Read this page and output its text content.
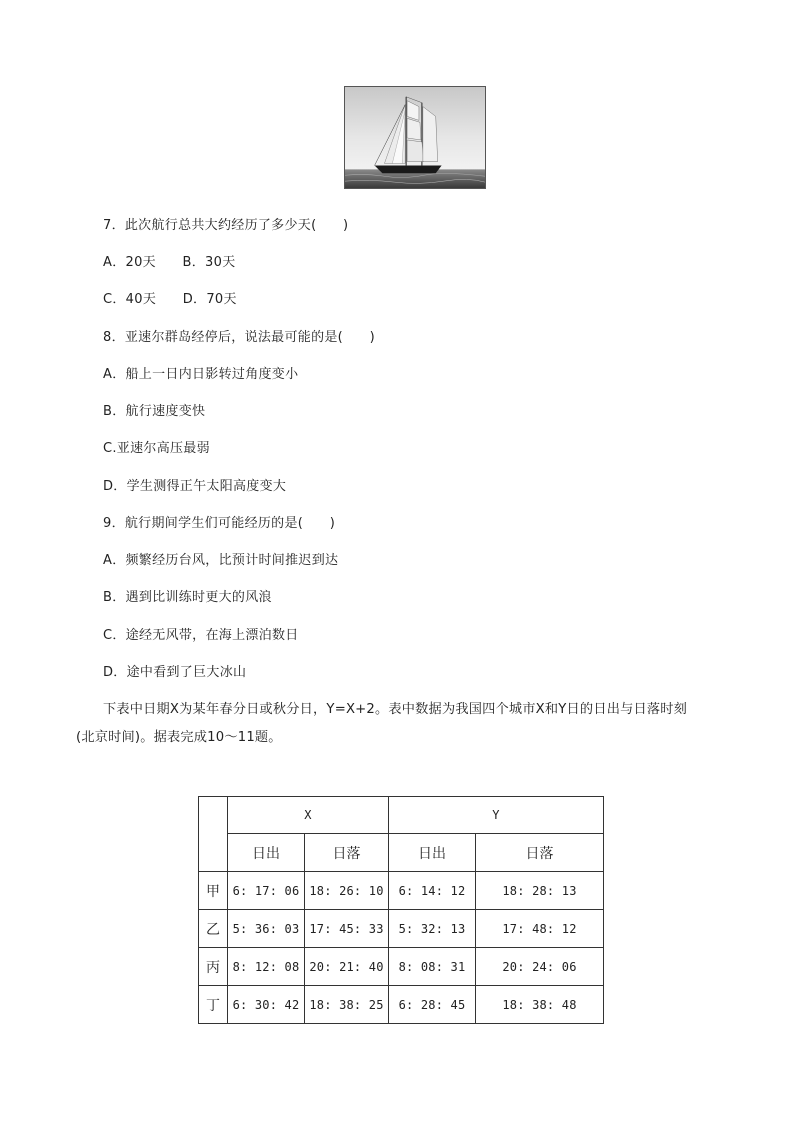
7．此次航行总共大约经历了多少天(　　)
A．20天　　B．30天
C．40天　　D．70天
8．亚速尔群岛经停后，说法最可能的是(　　)
A．船上一日内日影转过角度变小
B．航行速度变快
C.亚速尔高压最弱
D．学生测得正午太阳高度变大
9．航行期间学生们可能经历的是(　　)
A．频繁经历台风，比预计时间推迟到达
B．遇到比训练时更大的风浪
C．途经无风带，在海上漂泊数日
D．途中看到了巨大冰山
下表中日期X为某年春分日或秋分日，Y=X+2。表中数据为我国四个城市X和Y日的日出与日落时刻
(北京时间)。据表完成10～11题。
	X		Y	
	日出	日落	日出	日落
甲	6: 17: 06	18: 26: 10	6: 14: 12	18: 28: 13
乙	5: 36: 03	17: 45: 33	5: 32: 13	17: 48: 12
丙	8: 12: 08	20: 21: 40	8: 08: 31	20: 24: 06
丁	6: 30: 42	18: 38: 25	6: 28: 45	18: 38: 48
